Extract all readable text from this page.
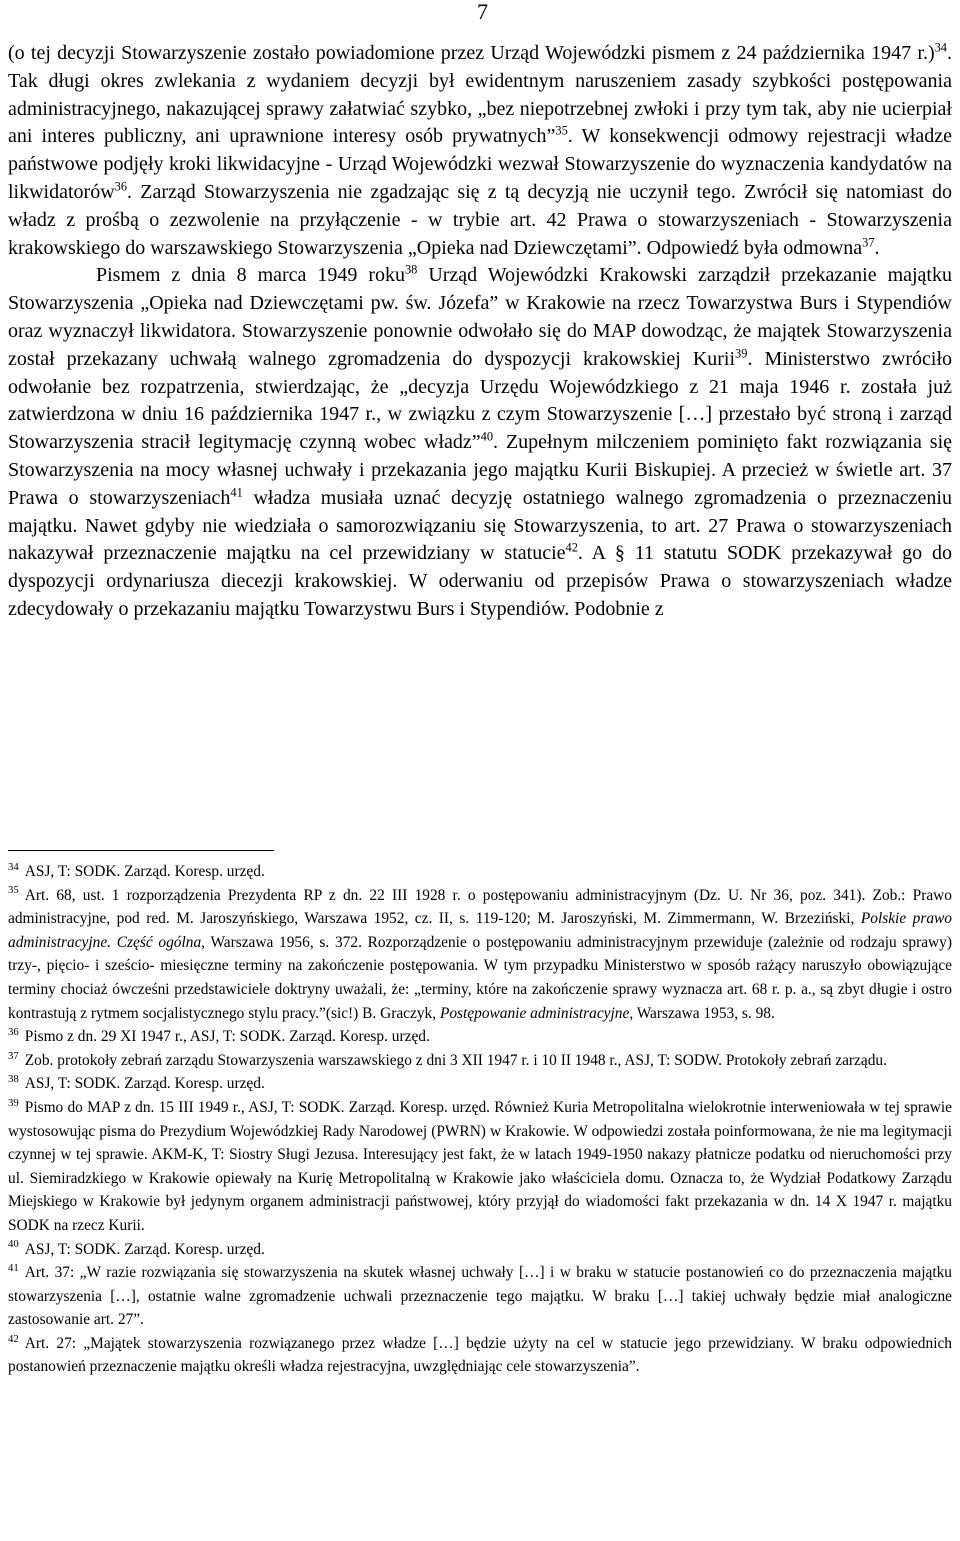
7

(o tej decyzji Stowarzyszenie zostało powiadomione przez Urząd Wojewódzki pismem z 24 października 1947 r.)$^{34}$. Tak długi okres zwlekania z wydaniem decyzji był ewidentnym naruszeniem zasady szybkości postępowania administracyjnego, nakazującej sprawy załatwiać szybko, „bez niepotrzebnej zwłoki i przy tym tak, aby nie ucierpiał ani interes publiczny, ani uprawnione interesy osób prywatnych”$^{35}$. W konsekwencji odmowy rejestracji władze państwowe podjęły kroki likwidacyjne - Urząd Wojewódzki wezwał Stowarzyszenie do wyznaczenia kandydatów na likwidatorów$^{36}$. Zarząd Stowarzyszenia nie zgadzając się z tą decyzją nie uczynił tego. Zwrócił się natomiast do władz z prośbą o zezwolenie na przyłączenie - w trybie art. 42 Prawa o stowarzyszeniach - Stowarzyszenia krakowskiego do warszawskiego Stowarzyszenia „Opieka nad Dziewczętami”. Odpowiedź była odmowna$^{37}$.

Pismem z dnia 8 marca 1949 roku$^{38}$ Urząd Wojewódzki Krakowski zarządził przekazanie majątku Stowarzyszenia „Opieka nad Dziewczętami pw. św. Józefa” w Krakowie na rzecz Towarzystwa Burs i Stypendiów oraz wyznaczył likwidatora. Stowarzyszenie ponownie odwołało się do MAP dowodząc, że majątek Stowarzyszenia został przekazany uchwałą walnego zgromadzenia do dyspozycji krakowskiej Kurii$^{39}$. Ministerstwo zwróciło odwołanie bez rozpatrzenia, stwierdzając, że „decyzja Urzędu Wojewódzkiego z 21 maja 1946 r. została już zatwierdzona w dniu 16 października 1947 r., w związku z czym Stowarzyszenie […] przestało być stroną i zarząd Stowarzyszenia stracił legitymację czynną wobec władz”$^{40}$. Zupełnym milczeniem pominięto fakt rozwiązania się Stowarzyszenia na mocy własnej uchwały i przekazania jego majątku Kurii Biskupiej. A przecież w świetle art. 37 Prawa o stowarzyszeniach$^{41}$ władza musiała uznać decyzję ostatniego walnego zgromadzenia o przeznaczeniu majątku. Nawet gdyby nie wiedziała o samorozwiązaniu się Stowarzyszenia, to art. 27 Prawa o stowarzyszeniach nakazywał przeznaczenie majątku na cel przewidziany w statucie$^{42}$. A § 11 statutu SODK przekazywał go do dyspozycji ordynariusza diecezji krakowskiej. W oderwaniu od przepisów Prawa o stowarzyszeniach władze zdecydowały o przekazaniu majątku Towarzystwu Burs i Stypendiów. Podobnie z

$^{34}$ ASJ, T: SODK. Zarząd. Koresp. urzęd.

$^{35}$ Art. 68, ust. 1 rozporządzenia Prezydenta RP z dn. 22 III 1928 r. o postępowaniu administracyjnym (Dz. U. Nr 36, poz. 341). Zob.: Prawo administracyjne, pod red. M. Jaroszyńskiego, Warszawa 1952, cz. II, s. 119-120; M. Jaroszyński, M. Zimmermann, W. Brzeziński, Polskie prawo administracyjne. Część ogólna, Warszawa 1956, s. 372. Rozporządzenie o postępowaniu administracyjnym przewiduje (zależnie od rodzaju sprawy) trzy-, pięcio- i sześcio- miesięczne terminy na zakończenie postępowania. W tym przypadku Ministerstwo w sposób rażący naruszyło obowiązujące terminy chociaż ówcześni przedstawiciele doktryny uważali, że: „terminy, które na zakończenie sprawy wyznacza art. 68 r. p. a., są zbyt długie i ostro kontrastują z rytmem socjalistycznego stylu pracy.”(sic!) B. Graczyk, Postępowanie administracyjne, Warszawa 1953, s. 98.

$^{36}$ Pismo z dn. 29 XI 1947 r., ASJ, T: SODK. Zarząd. Koresp. urzęd.

$^{37}$ Zob. protokoły zebrań zarządu Stowarzyszenia warszawskiego z dni 3 XII 1947 r. i 10 II 1948 r., ASJ, T: SODW. Protokoły zebrań zarządu.

$^{38}$ ASJ, T: SODK. Zarząd. Koresp. urzęd.

$^{39}$ Pismo do MAP z dn. 15 III 1949 r., ASJ, T: SODK. Zarząd. Koresp. urzęd. Również Kuria Metropolitalna wielokrotnie interweniowała w tej sprawie wystosowując pisma do Prezydium Wojewódzkiej Rady Narodowej (PWRN) w Krakowie. W odpowiedzi została poinformowana, że nie ma legitymacji czynnej w tej sprawie. AKM-K, T: Siostry Sługi Jezusa. Interesujący jest fakt, że w latach 1949-1950 nakazy płatnicze podatku od nieruchomości przy ul. Siemiradzkiego w Krakowie opiewały na Kurię Metropolitalną w Krakowie jako właściciela domu. Oznacza to, że Wydział Podatkowy Zarządu Miejskiego w Krakowie był jedynym organem administracji państwowej, który przyjął do wiadomości fakt przekazania w dn. 14 X 1947 r. majątku SODK na rzecz Kurii.

$^{40}$ ASJ, T: SODK. Zarząd. Koresp. urzęd.

$^{41}$ Art. 37: „W razie rozwiązania się stowarzyszenia na skutek własnej uchwały […] i w braku w statucie postanowień co do przeznaczenia majątku stowarzyszenia […], ostatnie walne zgromadzenie uchwali przeznaczenie tego majątku. W braku […] takiej uchwały będzie miał analogiczne zastosowanie art. 27”.

$^{42}$ Art. 27: „Majątek stowarzyszenia rozwiązanego przez władze […] będzie użyty na cel w statucie jego przewidziany. W braku odpowiednich postanowień przeznaczenie majątku określi władza rejestracyjna, uwzględniając cele stowarzyszenia”.
